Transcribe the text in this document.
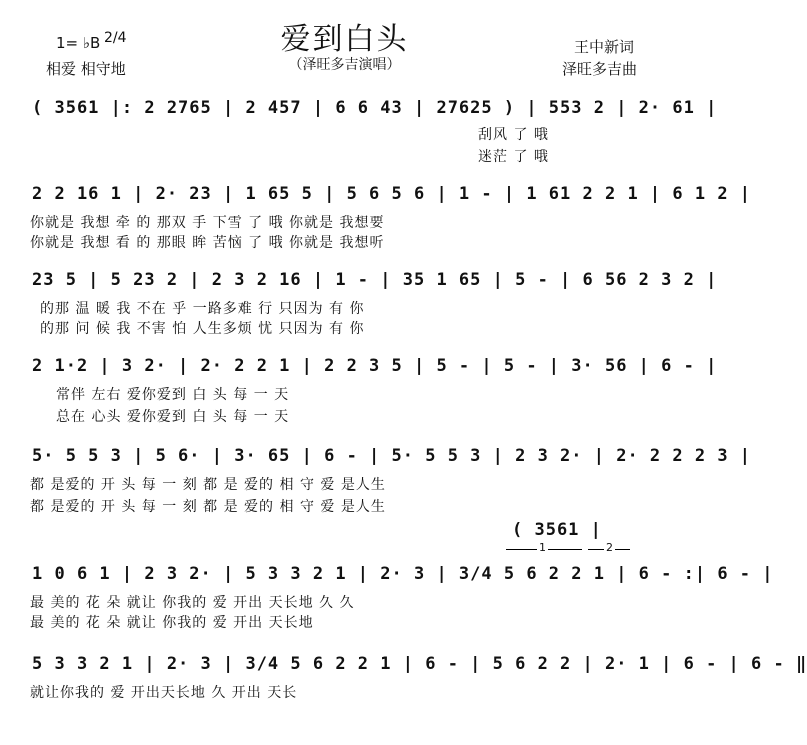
1= ♭B 2/4	爱到白头
（泽旺多吉演唱）
王中新词
泽旺多吉曲
相爱 相守地
( 3561 |: 2 2765 | 2 457 | 6 6 43 | 27625 ) | 553 2 | 2· 61 |
刮风 了 哦
迷茫 了 哦
2 2 16 1 | 2· 23 | 1 65 5 | 5 6 5 6 | 1 - | 1 61 2 2 1 | 6 1 2 |
你就是 我想 牵 的 那双 手 下雪 了 哦 你就是 我想要
你就是 我想 看 的 那眼 眸 苦恼 了 哦 你就是 我想听
23 5 | 5 23 2 | 2 3 2 16 | 1 - | 35 1 65 | 5 - | 6 56 2 3 2 |
的那 温 暖 我 不在 乎 一路多难 行 只因为 有 你
的那 问 候 我 不害 怕 人生多烦 忧 只因为 有 你
2 1·2 | 3 2· | 2· 2 2 1 | 2 2 3 5 | 5 - | 5 - | 3· 56 | 6 - |
常伴 左右 爱你爱到 白 头 每 一 天
总在 心头 爱你爱到 白 头 每 一 天
5· 5 5 3 | 5 6· | 3· 65 | 6 - | 5· 5 5 3 | 2 3 2· | 2· 2 2 2 3 |
都 是爱的 开 头 每 一 刻 都 是 爱的 相 守 爱 是人生
都 是爱的 开 头 每 一 刻 都 是 爱的 相 守 爱 是人生
( 3561 |
1	2
1 0 6 1 | 2 3 2· | 5 3 3 2 1 | 2· 3 | 3/4 5 6 2 2 1 | 6 - :| 6 - |
最 美的 花 朵 就让 你我的 爱 开出 天长地 久 久
最 美的 花 朵 就让 你我的 爱 开出 天长地
5 3 3 2 1 | 2· 3 | 3/4 5 6 2 2 1 | 6 - | 5 6 2 2 | 2· 1 | 6 - | 6 - ‖
就让你我的 爱 开出天长地 久 开出 天长
